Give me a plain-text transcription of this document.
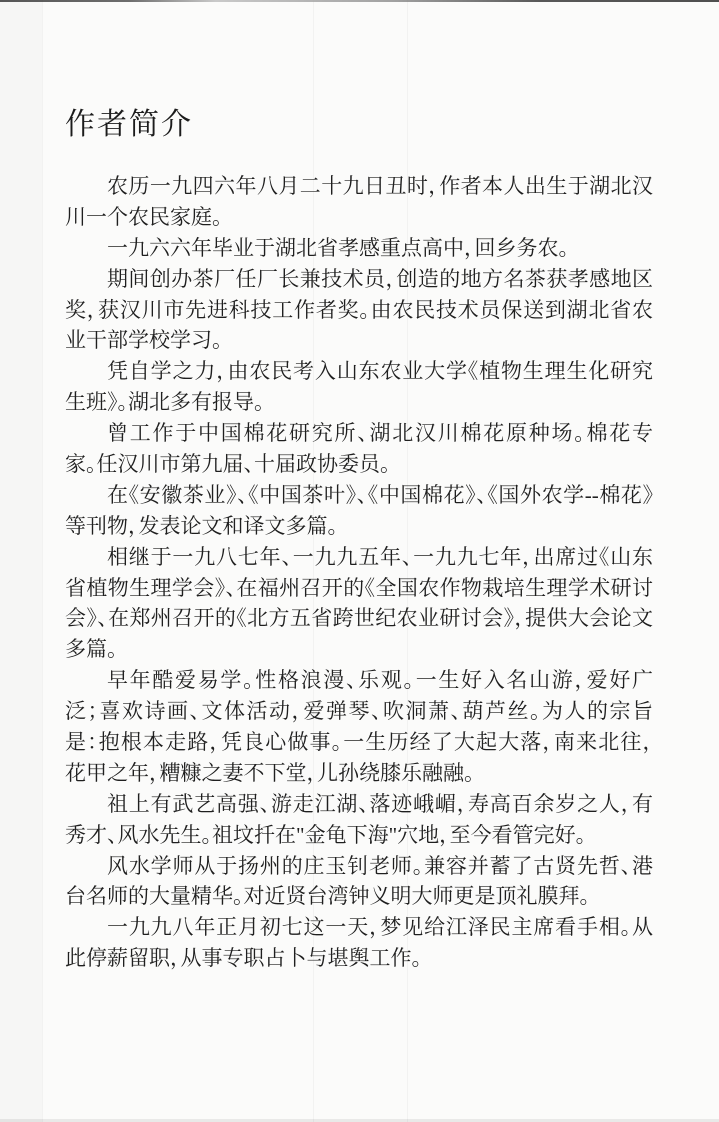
作者简介
农历一九四六年八月二十九日丑时，作者本人出生于湖北汉
川一个农民家庭。
一九六六年毕业于湖北省孝感重点高中，回乡务农。
期间创办茶厂任厂长兼技术员，创造的地方名茶获孝感地区
奖，获汉川市先进科技工作者奖。由农民技术员保送到湖北省农
业干部学校学习。
凭自学之力，由农民考入山东农业大学《植物生理生化研究
生班》。湖北多有报导。
曾工作于中国棉花研究所、湖北汉川棉花原种场。棉花专
家。任汉川市第九届、十届政协委员。
在《安徽茶业》、《中国茶叶》、《中国棉花》、《国外农学--棉花》
等刊物，发表论文和译文多篇。
相继于一九八七年、一九九五年、一九九七年，出席过《山东
省植物生理学会》、在福州召开的《全国农作物栽培生理学术研讨
会》、在郑州召开的《北方五省跨世纪农业研讨会》，提供大会论文
多篇。
早年酷爱易学。性格浪漫、乐观。一生好入名山游，爱好广
泛；喜欢诗画、文体活动，爱弹琴、吹洞萧、葫芦丝。为人的宗旨
是：抱根本走路，凭良心做事。一生历经了大起大落，南来北往，
花甲之年，糟糠之妻不下堂，儿孙绕膝乐融融。
祖上有武艺高强、游走江湖、落迹峨嵋，寿高百余岁之人，有
秀才、风水先生。祖坟扦在"金龟下海"穴地，至今看管完好。
风水学师从于扬州的庄玉钊老师。兼容并蓄了古贤先哲、港
台名师的大量精华。对近贤台湾钟义明大师更是顶礼膜拜。
一九九八年正月初七这一天，梦见给江泽民主席看手相。从
此停薪留职，从事专职占卜与堪舆工作。
